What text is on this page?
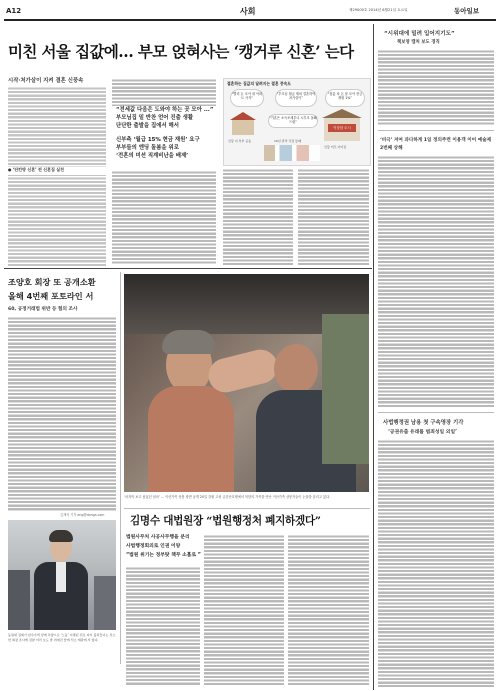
A12	사회	제29000호 2014년 6월21일 토요일	동아일보
미친 서울 집값에… 부모 얹혀사는 ‘캥거루 신혼’ 는다
시작·처가살이 지켜 결혼 신풍속
● ‘단칸방 신혼’ 전 신혼집 실천
“전세값 다음은 도와야 하는 곳 모아 ...”
부모님집 밑 반찬 얻어 진출 생활
단단한 출발을 집에서 해서
신부측 ‘월급 15% 현금 재원’ 요구
부부들의 엔딩 돌봄을 위로
‘전혼의 미션 직계비난을 배제’
결혼하는 집값의 달려지는 결혼 풍속도
“빨리 돈 모아 내 아파트 사자”
“부모님 월급 제외 결혼하여 처가살이”
“집값 차 돈 잘 모아 현금 재원 1%”
“기혼은 소득조세부너 시부모 돌봐드림”
이상한 도시
신랑 이 부부 공동	10년 관리 직장 둘째
신랑 미모 이어짐
“시위대에 밀려 입어지기도”
책보영 캠처 보도 경직
‘비극’ 저여 과다하게 1일 정의주련 이용객 이어 예술제 2번째 상해
사법행정권 남용 첫 구속영장 기각
‘공권유출 유래를 범죄성일 외일’
조양호 회장 또 공개소환
올해 4번째 포토라인 서
60, 공정거래법 위반 등 혐의 조사
김재석 기자 eng@donga.com
동원대 집회가 압수수색 앞에 차량으로 ‘노동’ 지명된 뒤로 다시 불러들이는 서소 한 회장 조사에 검찰 미리 보도 말 취재진 앞에 서소 재판에 서 있다.
‘마지막 보고 싶었던 엄마’ … 이산가족 상봉 장면 공개 20일 강원 고성 금강산호텔에서 북한의 가족을 만난 이산가족 상봉자들이 눈물을 흘리고 있다.
김명수 대법원장 “법원행정처 폐지하겠다”
법원사무처 사공사무행을 분리
사법행정회의로 인권 이양
“법원 위기는 정부탓 책무 소홀로 ”
